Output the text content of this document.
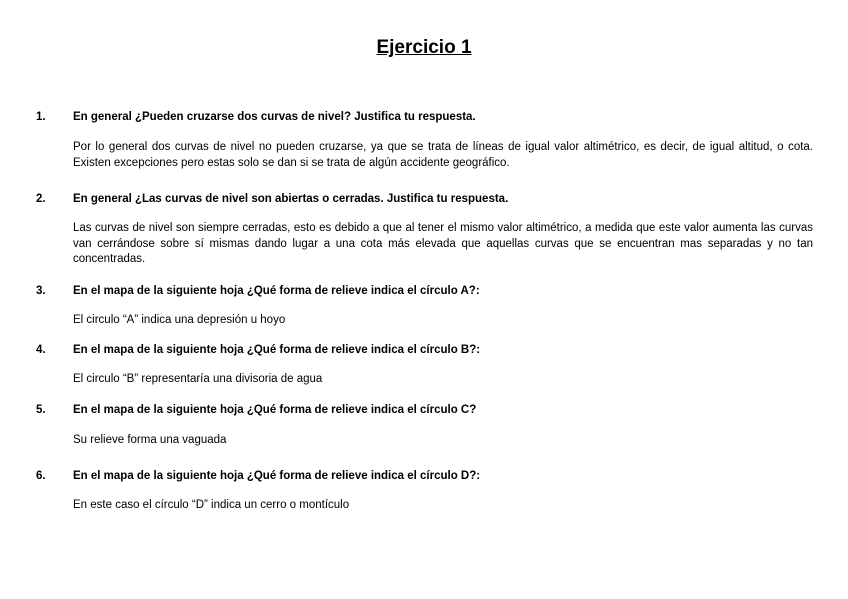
Ejercicio 1
1. En general ¿Pueden cruzarse dos curvas de nivel? Justifica tu respuesta.
Por lo general dos curvas de nivel no pueden cruzarse, ya que se trata de líneas de igual valor altimétrico, es decir, de igual altitud, o cota. Existen excepciones pero estas solo se dan si se trata de algún accidente geográfico.
2. En general ¿Las curvas de nivel son abiertas o cerradas. Justifica tu respuesta.
Las curvas de nivel son siempre cerradas, esto es debido a que al tener el mismo valor altimétrico, a medida que este valor aumenta las curvas van cerrándose sobre sí mismas dando lugar a una cota más elevada que aquellas curvas que se encuentran mas separadas y no tan concentradas.
3. En el mapa de la siguiente hoja ¿Qué forma de relieve indica el círculo A?:
El circulo “A” indica una depresión u hoyo
4. En el mapa de la siguiente hoja ¿Qué forma de relieve indica el círculo B?:
El circulo “B” representaría una divisoria de agua
5. En el mapa de la siguiente hoja ¿Qué forma de relieve indica el círculo C?
Su relieve forma una vaguada
6. En el mapa de la siguiente hoja ¿Qué forma de relieve indica el círculo D?:
En este caso el círculo “D” indica un cerro o montículo
